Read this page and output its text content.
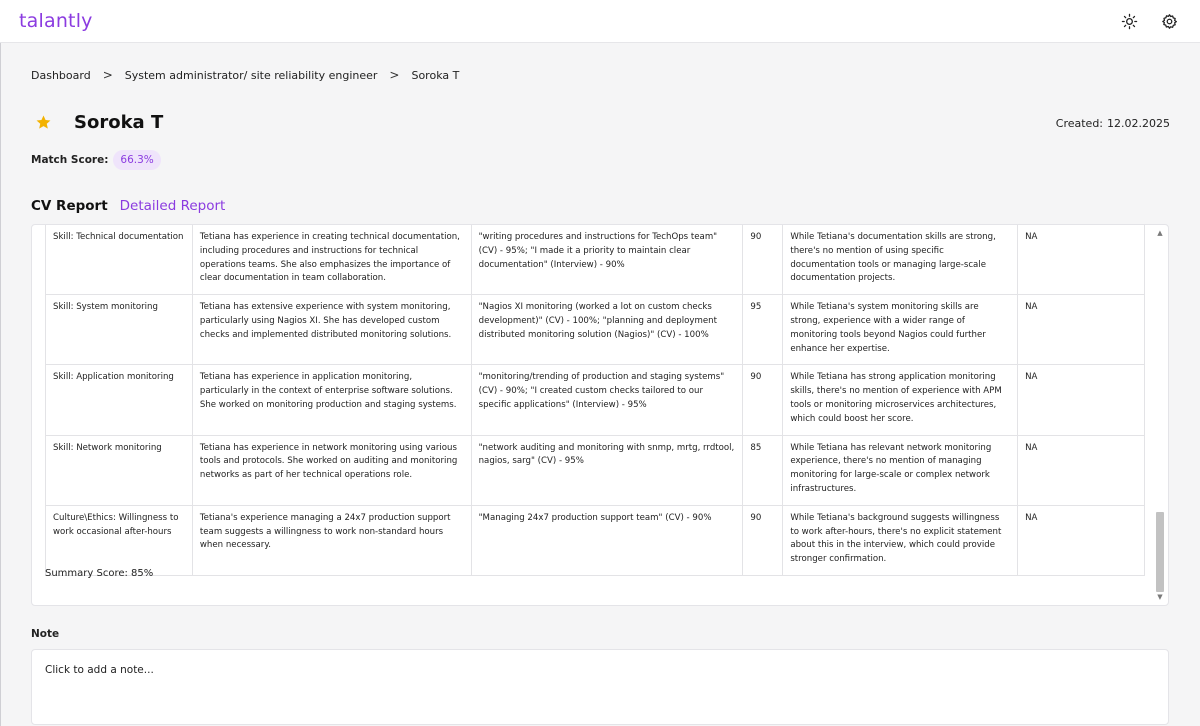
talantly
Dashboard > System administrator/ site reliability engineer > Soroka T
Soroka T	Created: 12.02.2025
Match Score:	66.3%
CV Report Detailed Report
Skill: Technical documentation	Tetiana has experience in creating technical documentation, including procedures and instructions for technical operations teams. She also emphasizes the importance of clear documentation in team collaboration.	"writing procedures and instructions for TechOps team" (CV) - 95%; "I made it a priority to maintain clear documentation" (Interview) - 90%	90	While Tetiana's documentation skills are strong, there's no mention of using specific documentation tools or managing large-scale documentation projects.	NA
Skill: System monitoring	Tetiana has extensive experience with system monitoring, particularly using Nagios XI. She has developed custom checks and implemented distributed monitoring solutions.	"Nagios XI monitoring (worked a lot on custom checks development)" (CV) - 100%; "planning and deployment distributed monitoring solution (Nagios)" (CV) - 100%	95	While Tetiana's system monitoring skills are strong, experience with a wider range of monitoring tools beyond Nagios could further enhance her expertise.	NA
Skill: Application monitoring	Tetiana has experience in application monitoring, particularly in the context of enterprise software solutions. She worked on monitoring production and staging systems.	"monitoring/trending of production and staging systems" (CV) - 90%; "I created custom checks tailored to our specific applications" (Interview) - 95%	90	While Tetiana has strong application monitoring skills, there's no mention of experience with APM tools or monitoring microservices architectures, which could boost her score.	NA
Skill: Network monitoring	Tetiana has experience in network monitoring using various tools and protocols. She worked on auditing and monitoring networks as part of her technical operations role.	"network auditing and monitoring with snmp, mrtg, rrdtool, nagios, sarg" (CV) - 95%	85	While Tetiana has relevant network monitoring experience, there's no mention of managing monitoring for large-scale or complex network infrastructures.	NA
Culture\Ethics: Willingness to work occasional after-hours	Tetiana's experience managing a 24x7 production support team suggests a willingness to work non-standard hours when necessary.	"Managing 24x7 production support team" (CV) - 90%	90	While Tetiana's background suggests willingness to work after-hours, there's no explicit statement about this in the interview, which could provide stronger confirmation.	NA
Summary Score: 85%
▲
▼
Note
Click to add a note...
